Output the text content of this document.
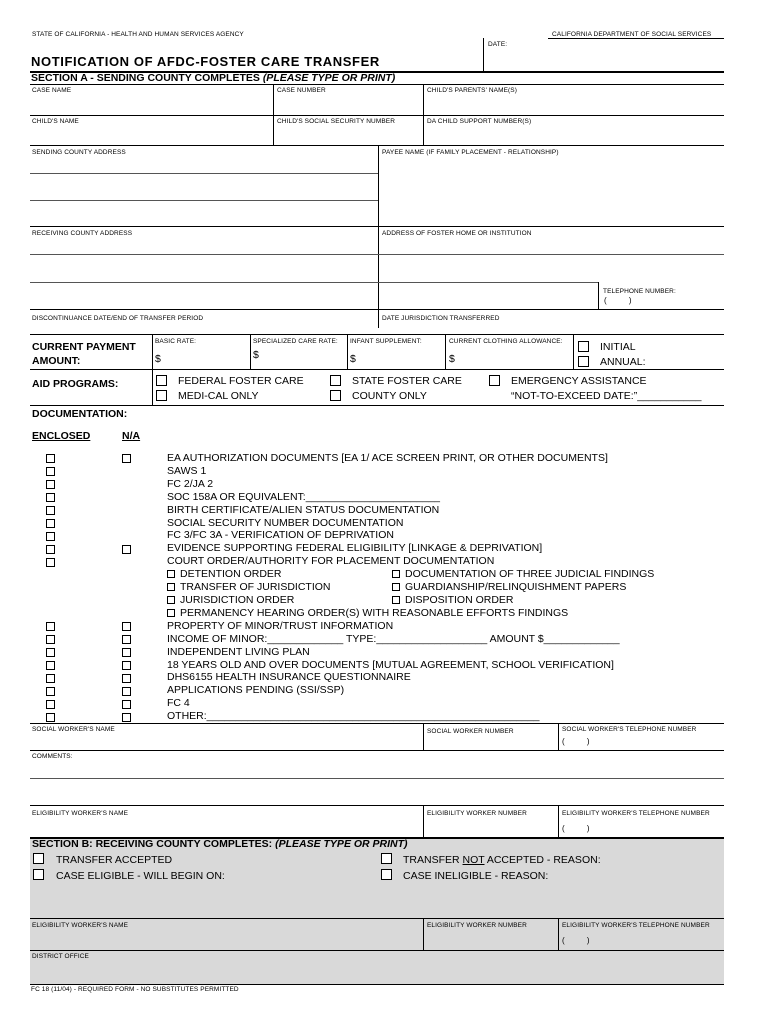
STATE OF CALIFORNIA - HEALTH AND HUMAN SERVICES AGENCY	CALIFORNIA DEPARTMENT OF SOCIAL SERVICES
DATE:
NOTIFICATION OF AFDC-FOSTER CARE TRANSFER
SECTION A - SENDING COUNTY COMPLETES (PLEASE TYPE OR PRINT)
CASE NAME	CASE NUMBER	CHILD'S PARENTS' NAME(S)
CHILD'S NAME	CHILD'S SOCIAL SECURITY NUMBER	DA CHILD SUPPORT NUMBER(S)
SENDING COUNTY ADDRESS	PAYEE NAME (IF FAMILY PLACEMENT - RELATIONSHIP)
RECEIVING COUNTY ADDRESS	ADDRESS OF FOSTER HOME OR INSTITUTION
TELEPHONE NUMBER:
(          )
DISCONTINUANCE DATE/END OF TRANSFER PERIOD	DATE JURISDICTION TRANSFERRED
CURRENT PAYMENT
AMOUNT:
BASIC RATE:
$
SPECIALIZED CARE RATE:
$
INFANT SUPPLEMENT:
$
CURRENT CLOTHING ALLOWANCE:
$
INITIAL
ANNUAL:
AID PROGRAMS:	FEDERAL FOSTER CARE	STATE FOSTER CARE	EMERGENCY ASSISTANCE
MEDI-CAL ONLY	COUNTY ONLY	“NOT-TO-EXCEED DATE:”___________
DOCUMENTATION:
ENCLOSED	N/A
EA AUTHORIZATION DOCUMENTS [EA 1/ ACE SCREEN PRINT, OR OTHER DOCUMENTS]
SAWS 1
FC 2/JA 2
SOC 158A OR EQUIVALENT:_______________________
BIRTH CERTIFICATE/ALIEN STATUS DOCUMENTATION
SOCIAL SECURITY NUMBER DOCUMENTATION
FC 3/FC 3A - VERIFICATION OF DEPRIVATION
EVIDENCE SUPPORTING FEDERAL ELIGIBILITY [LINKAGE & DEPRIVATION]
COURT ORDER/AUTHORITY FOR PLACEMENT DOCUMENTATION
DETENTION ORDER	DOCUMENTATION OF THREE JUDICIAL FINDINGS
TRANSFER OF JURISDICTION	GUARDIANSHIP/RELINQUISHMENT PAPERS
JURISDICTION ORDER	DISPOSITION ORDER
PERMANENCY HEARING ORDER(S) WITH REASONABLE EFFORTS FINDINGS
PROPERTY OF MINOR/TRUST INFORMATION
INCOME OF MINOR:_____________ TYPE:___________________ AMOUNT $_____________
INDEPENDENT LIVING PLAN
18 YEARS OLD AND OVER DOCUMENTS [MUTUAL AGREEMENT, SCHOOL VERIFICATION]
DHS6155 HEALTH INSURANCE QUESTIONNAIRE
APPLICATIONS PENDING (SSI/SSP)
FC 4
OTHER:_________________________________________________________
SOCIAL WORKER'S NAME	SOCIAL WORKER NUMBER	SOCIAL WORKER'S TELEPHONE NUMBER
(          )
COMMENTS:
ELIGIBILITY WORKER'S NAME	ELIGIBILITY WORKER NUMBER	ELIGIBILITY WORKER'S TELEPHONE NUMBER
(          )
SECTION B: RECEIVING COUNTY COMPLETES: (PLEASE TYPE OR PRINT)
TRANSFER ACCEPTED	TRANSFER NOT ACCEPTED - REASON:
CASE ELIGIBLE - WILL BEGIN ON:	CASE INELIGIBLE - REASON:
ELIGIBILITY WORKER'S NAME	ELIGIBILITY WORKER NUMBER	ELIGIBILITY WORKER'S TELEPHONE NUMBER
(          )
DISTRICT OFFICE
FC 18 (11/04) - REQUIRED FORM - NO SUBSTITUTES PERMITTED
